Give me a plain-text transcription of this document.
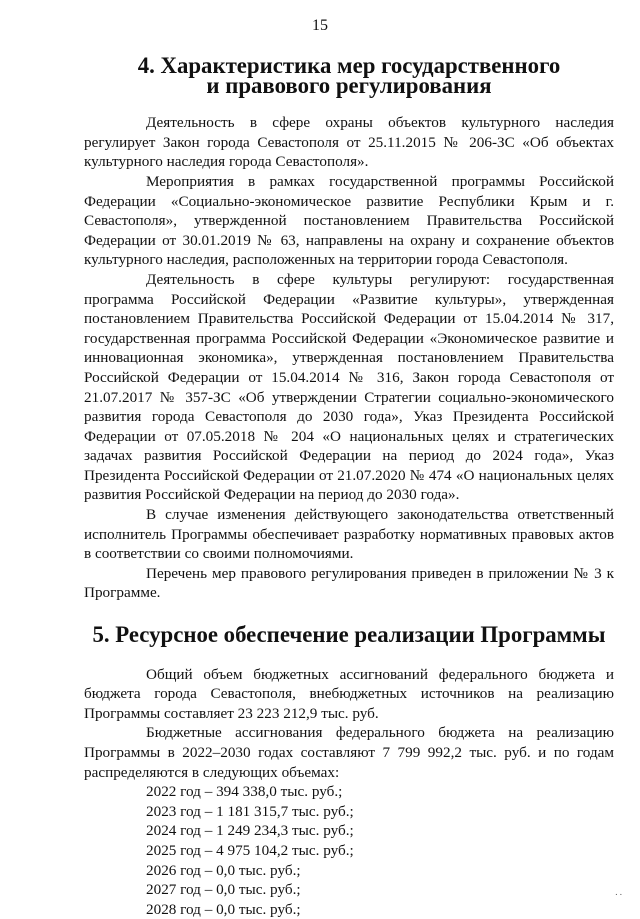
15
4. Характеристика мер государственного
и правового регулирования

Деятельность в сфере охраны объектов культурного наследия регулирует Закон города Севастополя от 25.11.2015 № 206-ЗС «Об объектах культурного наследия города Севастополя».

Мероприятия в рамках государственной программы Российской Федерации «Социально-экономическое развитие Республики Крым и г. Севастополя», утвержденной постановлением Правительства Российской Федерации от 30.01.2019 № 63, направлены на охрану и сохранение объектов культурного наследия, расположенных на территории города Севастополя.

Деятельность в сфере культуры регулируют: государственная программа Российской Федерации «Развитие культуры», утвержденная постановлением Правительства Российской Федерации от 15.04.2014 № 317, государственная программа Российской Федерации «Экономическое развитие и инновационная экономика», утвержденная постановлением Правительства Российской Федерации от 15.04.2014 № 316, Закон города Севастополя от 21.07.2017 № 357-ЗС «Об утверждении Стратегии социально-экономического развития города Севастополя до 2030 года», Указ Президента Российской Федерации от 07.05.2018 № 204 «О национальных целях и стратегических задачах развития Российской Федерации на период до 2024 года», Указ Президента Российской Федерации от 21.07.2020 № 474 «О национальных целях развития Российской Федерации на период до 2030 года».

В случае изменения действующего законодательства ответственный исполнитель Программы обеспечивает разработку нормативных правовых актов в соответствии со своими полномочиями.

Перечень мер правового регулирования приведен в приложении № 3 к Программе.

5. Ресурсное обеспечение реализации Программы

Общий объем бюджетных ассигнований федерального бюджета и бюджета города Севастополя, внебюджетных источников на реализацию Программы составляет 23 223 212,9 тыс. руб.

Бюджетные ассигнования федерального бюджета на реализацию Программы в 2022–2030 годах составляют 7 799 992,2 тыс. руб. и по годам распределяются в следующих объемах:

2022 год – 394 338,0 тыс. руб.;
2023 год – 1 181 315,7 тыс. руб.;
2024 год – 1 249 234,3 тыс. руб.;
2025 год – 4 975 104,2 тыс. руб.;
2026 год – 0,0 тыс. руб.;
2027 год – 0,0 тыс. руб.;
2028 год – 0,0 тыс. руб.;
. .
